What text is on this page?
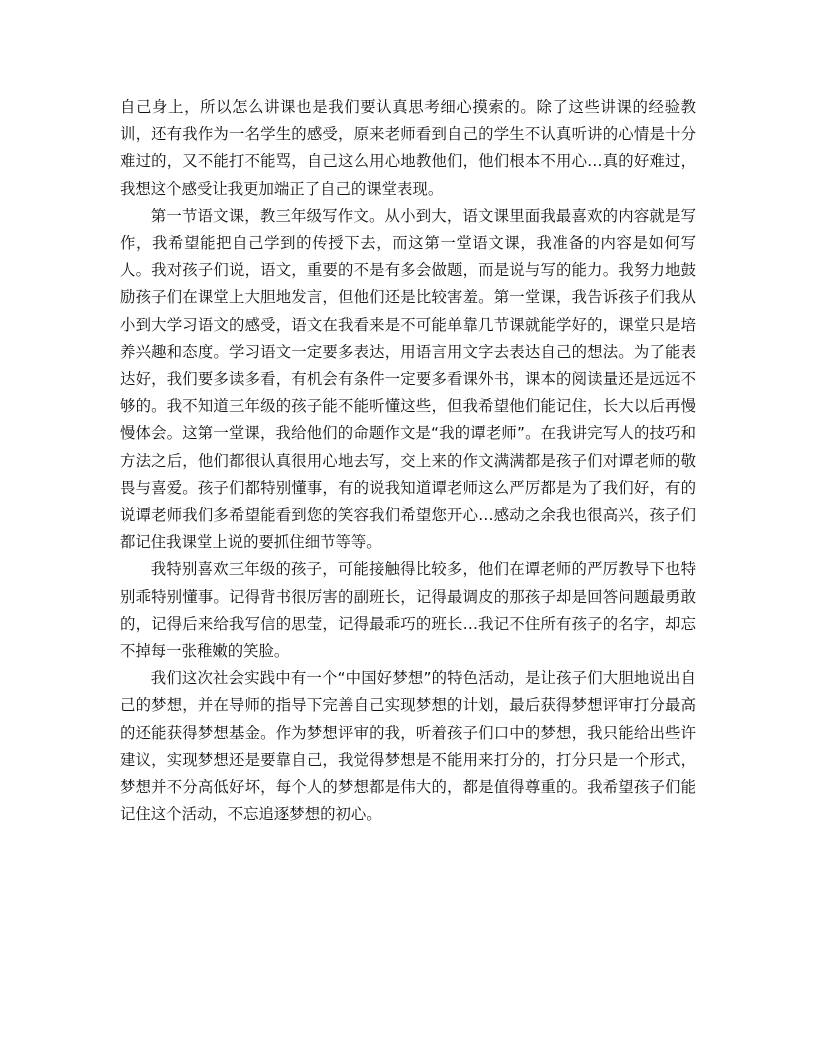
自己身上，所以怎么讲课也是我们要认真思考细心摸索的。除了这些讲课的经验教训，还有我作为一名学生的感受，原来老师看到自己的学生不认真听讲的心情是十分难过的，又不能打不能骂，自己这么用心地教他们，他们根本不用心…真的好难过，我想这个感受让我更加端正了自己的课堂表现。

第一节语文课，教三年级写作文。从小到大，语文课里面我最喜欢的内容就是写作，我希望能把自己学到的传授下去，而这第一堂语文课，我准备的内容是如何写人。我对孩子们说，语文，重要的不是有多会做题，而是说与写的能力。我努力地鼓励孩子们在课堂上大胆地发言，但他们还是比较害羞。第一堂课，我告诉孩子们我从小到大学习语文的感受，语文在我看来是不可能单靠几节课就能学好的，课堂只是培养兴趣和态度。学习语文一定要多表达，用语言用文字去表达自己的想法。为了能表达好，我们要多读多看，有机会有条件一定要多看课外书，课本的阅读量还是远远不够的。我不知道三年级的孩子能不能听懂这些，但我希望他们能记住，长大以后再慢慢体会。这第一堂课，我给他们的命题作文是“我的谭老师”。在我讲完写人的技巧和方法之后，他们都很认真很用心地去写，交上来的作文满满都是孩子们对谭老师的敬畏与喜爱。孩子们都特别懂事，有的说我知道谭老师这么严厉都是为了我们好，有的说谭老师我们多希望能看到您的笑容我们希望您开心…感动之余我也很高兴，孩子们都记住我课堂上说的要抓住细节等等。

我特别喜欢三年级的孩子，可能接触得比较多，他们在谭老师的严厉教导下也特别乖特别懂事。记得背书很厉害的副班长，记得最调皮的那孩子却是回答问题最勇敢的，记得后来给我写信的思莹，记得最乖巧的班长…我记不住所有孩子的名字，却忘不掉每一张稚嫩的笑脸。

我们这次社会实践中有一个“中国好梦想”的特色活动，是让孩子们大胆地说出自己的梦想，并在导师的指导下完善自己实现梦想的计划，最后获得梦想评审打分最高的还能获得梦想基金。作为梦想评审的我，听着孩子们口中的梦想，我只能给出些许建议，实现梦想还是要靠自己，我觉得梦想是不能用来打分的，打分只是一个形式，梦想并不分高低好坏，每个人的梦想都是伟大的，都是值得尊重的。我希望孩子们能记住这个活动，不忘追逐梦想的初心。
